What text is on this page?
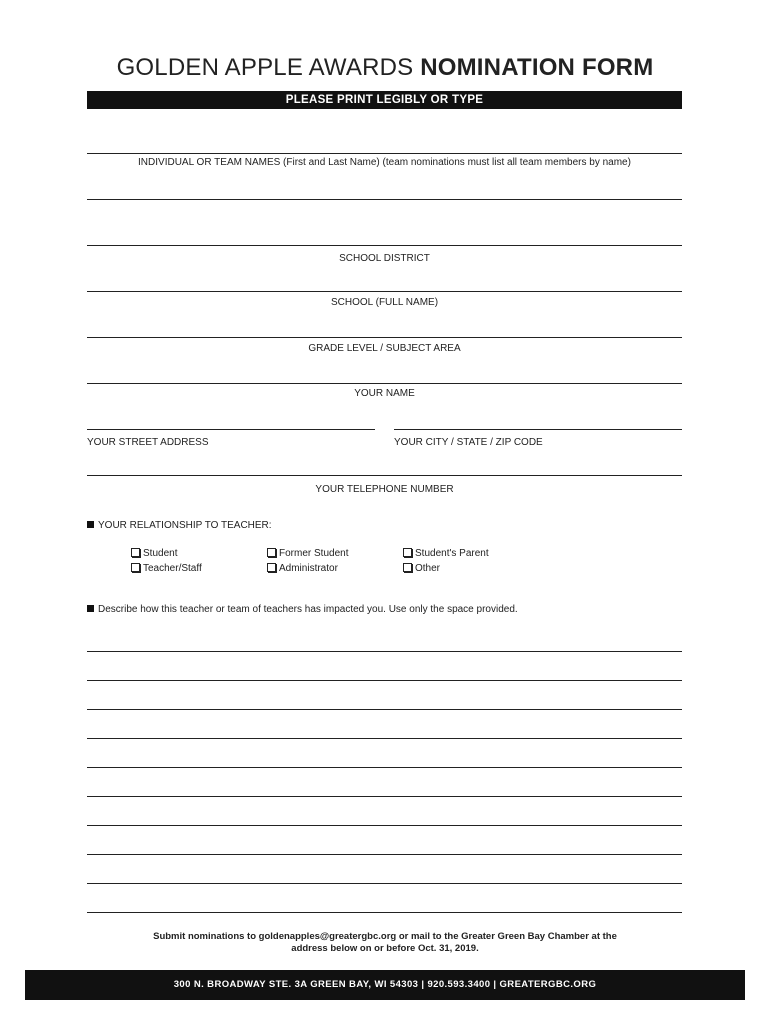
GOLDEN APPLE AWARDS NOMINATION FORM
PLEASE PRINT LEGIBLY OR TYPE
INDIVIDUAL OR TEAM NAMES (First and Last Name) (team nominations must list all team members by name)
SCHOOL DISTRICT
SCHOOL (FULL NAME)
GRADE LEVEL / SUBJECT AREA
YOUR NAME
YOUR STREET ADDRESS	YOUR CITY / STATE / ZIP CODE
YOUR TELEPHONE NUMBER
YOUR RELATIONSHIP TO TEACHER:
Student
Teacher/Staff
Former Student
Administrator
Student's Parent
Other
Describe how this teacher or team of teachers has impacted you. Use only the space provided.
Submit nominations to goldenapples@greatergbc.org or mail to the Greater Green Bay Chamber at the
address below on or before Oct. 31, 2019.
300 N. BROADWAY STE. 3A GREEN BAY, WI 54303 | 920.593.3400 | GREATERGBC.ORG
